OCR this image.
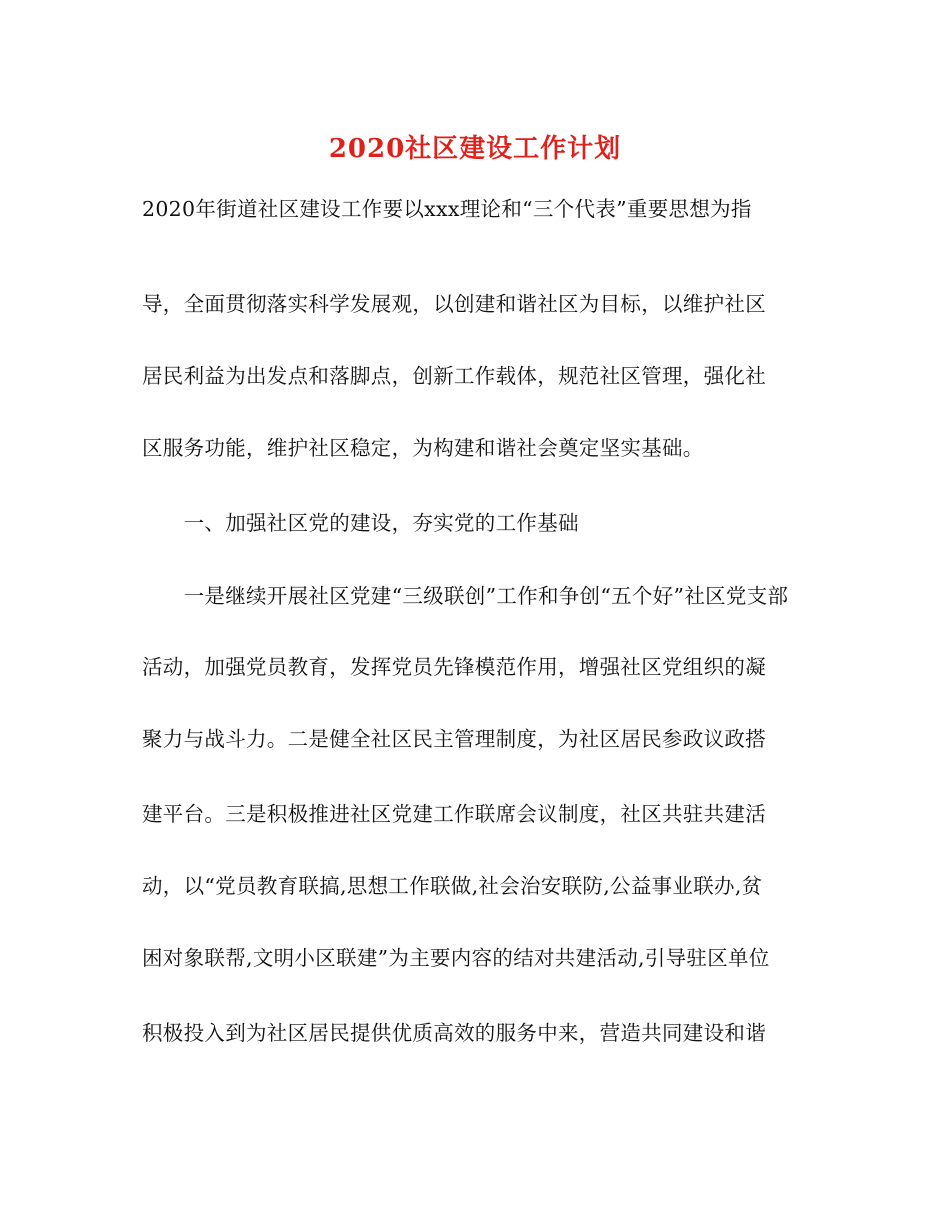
2020社区建设工作计划
2020年街道社区建设工作要以xxx理论和“三个代表”重要思想为指
导，全面贯彻落实科学发展观，以创建和谐社区为目标，以维护社区
居民利益为出发点和落脚点，创新工作载体，规范社区管理，强化社
区服务功能，维护社区稳定，为构建和谐社会奠定坚实基础。
　　一、加强社区党的建设，夯实党的工作基础
　　一是继续开展社区党建“三级联创”工作和争创“五个好”社区党支部
活动，加强党员教育，发挥党员先锋模范作用，增强社区党组织的凝
聚力与战斗力。二是健全社区民主管理制度，为社区居民参政议政搭
建平台。三是积极推进社区党建工作联席会议制度，社区共驻共建活
动，以“党员教育联搞,思想工作联做,社会治安联防,公益事业联办,贫
困对象联帮,文明小区联建”为主要内容的结对共建活动,引导驻区单位
积极投入到为社区居民提供优质高效的服务中来，营造共同建设和谐
